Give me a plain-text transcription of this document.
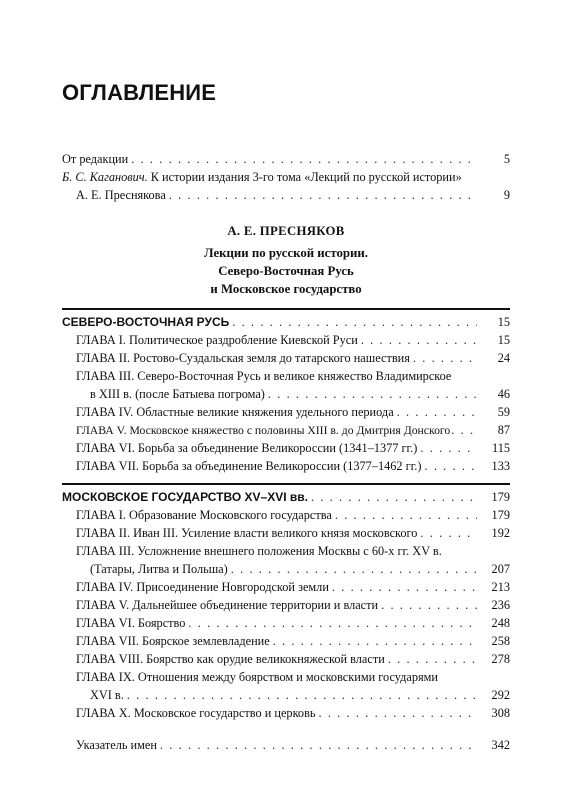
ОГЛАВЛЕНИЕ
От редакции . . .	5
Б. С. Каганович. К истории издания 3-го тома «Лекций по русской истории»
А. Е. Преснякова . . .	9
А. Е. ПРЕСНЯКОВ
Лекции по русской истории.
Северо-Восточная Русь
и Московское государство
СЕВЕРО-ВОСТОЧНАЯ РУСЬ . . .	15
ГЛАВА I. Политическое раздробление Киевской Руси . . .	15
ГЛАВА II. Ростово-Суздальская земля до татарского нашествия . . .	24
ГЛАВА III. Северо-Восточная Русь и великое княжество Владимирское
в XIII в. (после Батыева погрома) . . .	46
ГЛАВА IV. Областные великие княжения удельного периода . . .	59
ГЛАВА V. Московское княжество с половины XIII в. до Дмитрия Донского . . .	87
ГЛАВА VI. Борьба за объединение Великороссии (1341–1377 гг.) . . .	115
ГЛАВА VII. Борьба за объединение Великороссии (1377–1462 гг.) . . .	133
МОСКОВСКОЕ ГОСУДАРСТВО XV–XVI вв. . . .	179
ГЛАВА I. Образование Московского государства . . .	179
ГЛАВА II. Иван III. Усиление власти великого князя московского . . .	192
ГЛАВА III. Усложнение внешнего положения Москвы с 60-х гг. XV в.
(Татары, Литва и Польша) . . .	207
ГЛАВА IV. Присоединение Новгородской земли . . .	213
ГЛАВА V. Дальнейшее объединение территории и власти . . .	236
ГЛАВА VI. Боярство . . .	248
ГЛАВА VII. Боярское землевладение . . .	258
ГЛАВА VIII. Боярство как орудие великокняжеской власти . . .	278
ГЛАВА IX. Отношения между боярством и московскими государями
XVI в. . . .	292
ГЛАВА X. Московское государство и церковь . . .	308
Указатель имен . . .	342
